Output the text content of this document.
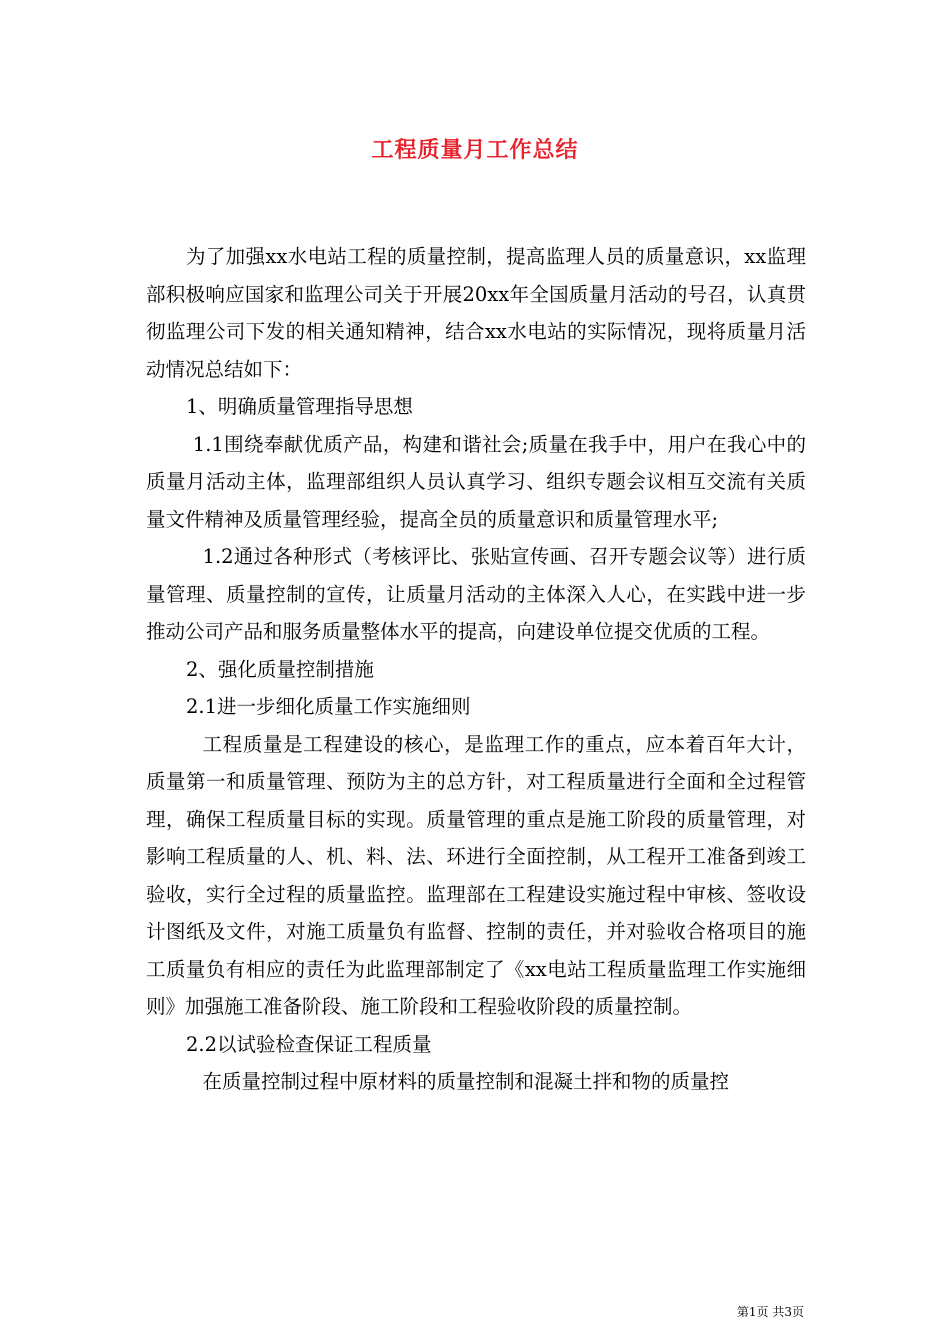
工程质量月工作总结

为了加强xx水电站工程的质量控制，提高监理人员的质量意识，xx监理部积极响应国家和监理公司关于开展20xx年全国质量月活动的号召，认真贯彻监理公司下发的相关通知精神，结合xx水电站的实际情况，现将质量月活动情况总结如下：

1、明确质量管理指导思想

1.1围绕奉献优质产品，构建和谐社会;质量在我手中，用户在我心中的质量月活动主体，监理部组织人员认真学习、组织专题会议相互交流有关质量文件精神及质量管理经验，提高全员的质量意识和质量管理水平;

1.2通过各种形式（考核评比、张贴宣传画、召开专题会议等）进行质量管理、质量控制的宣传，让质量月活动的主体深入人心，在实践中进一步推动公司产品和服务质量整体水平的提高，向建设单位提交优质的工程。

2、强化质量控制措施

2.1进一步细化质量工作实施细则

工程质量是工程建设的核心，是监理工作的重点，应本着百年大计，质量第一和质量管理、预防为主的总方针，对工程质量进行全面和全过程管理，确保工程质量目标的实现。质量管理的重点是施工阶段的质量管理，对影响工程质量的人、机、料、法、环进行全面控制，从工程开工准备到竣工验收，实行全过程的质量监控。监理部在工程建设实施过程中审核、签收设计图纸及文件，对施工质量负有监督、控制的责任，并对验收合格项目的施工质量负有相应的责任为此监理部制定了《xx电站工程质量监理工作实施细则》加强施工准备阶段、施工阶段和工程验收阶段的质量控制。

2.2以试验检查保证工程质量

在质量控制过程中原材料的质量控制和混凝土拌和物的质量控

第1页 共3页
